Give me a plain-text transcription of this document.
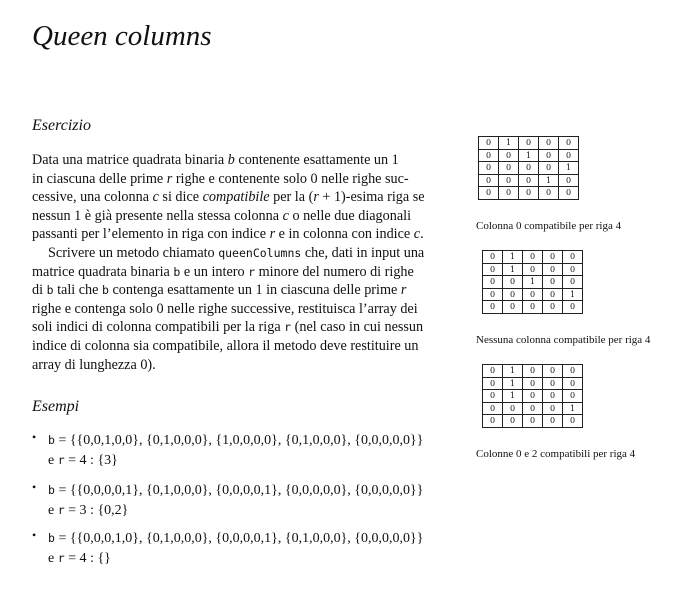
Queen columns
Esercizio
Data una matrice quadrata binaria b contenente esattamente un 1
in ciascuna delle prime r righe e contenente solo 0 nelle righe suc-
cessive, una colonna c si dice compatibile per la (r + 1)-esima riga se
nessun 1 è già presente nella stessa colonna c o nelle due diagonali
passanti per l’elemento in riga con indice r e in colonna con indice c.
Scrivere un metodo chiamato queenColumns che, dati in input una
matrice quadrata binaria b e un intero r minore del numero di righe
di b tali che b contenga esattamente un 1 in ciascuna delle prime r
righe e contenga solo 0 nelle righe successive, restituisca l’array dei
soli indici di colonna compatibili per la riga r (nel caso in cui nessun
indice di colonna sia compatibile, allora il metodo deve restituire un
array di lunghezza 0).
Esempi
•	b = {{0,0,1,0,0}, {0,1,0,0,0}, {1,0,0,0,0}, {0,1,0,0,0}, {0,0,0,0,0}}
e r = 4 : {3}
•	b = {{0,0,0,0,1}, {0,1,0,0,0}, {0,0,0,0,1}, {0,0,0,0,0}, {0,0,0,0,0}}
e r = 3 : {0,2}
•	b = {{0,0,0,1,0}, {0,1,0,0,0}, {0,0,0,0,1}, {0,1,0,0,0}, {0,0,0,0,0}}
e r = 4 : {}
0	1	0	0	0
0	0	1	0	0
0	0	0	0	1
0	0	0	1	0
0	0	0	0	0
Colonna 0 compatibile per riga 4
0	1	0	0	0
0	1	0	0	0
0	0	1	0	0
0	0	0	0	1
0	0	0	0	0
Nessuna colonna compatibile per riga 4
0	1	0	0	0
0	1	0	0	0
0	1	0	0	0
0	0	0	0	1
0	0	0	0	0
Colonne 0 e 2 compatibili per riga 4
